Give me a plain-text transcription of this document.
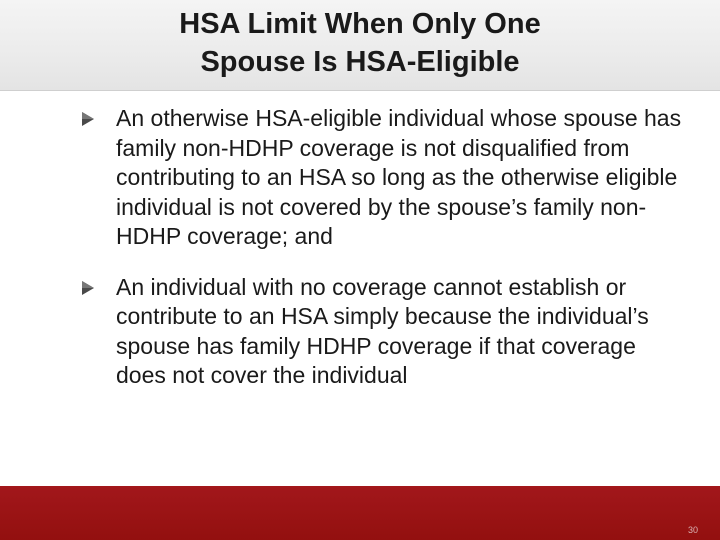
HSA Limit When Only One
Spouse Is HSA-Eligible

An otherwise HSA-eligible individual whose spouse has family non-HDHP coverage is not disqualified from contributing to an HSA so long as the otherwise eligible individual is not covered by the spouse’s family non-HDHP coverage; and

An individual with no coverage cannot establish or contribute to an HSA simply because the individual’s spouse has family HDHP coverage if that coverage does not cover the individual

30
